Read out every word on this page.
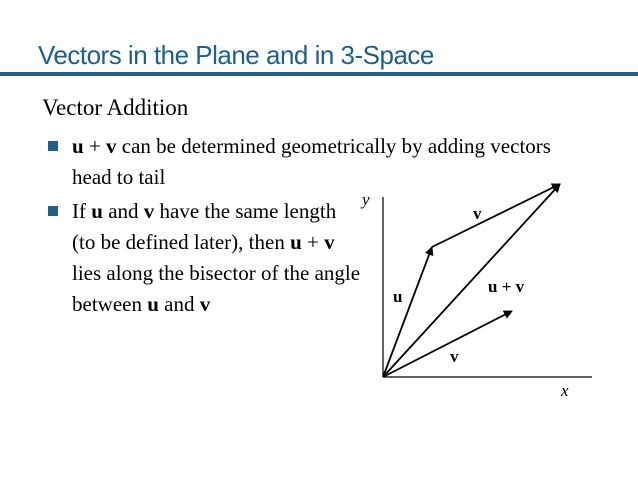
Vectors in the Plane and in 3-Space
Vector Addition
u + v can be determined geometrically by adding vectors head to tail
If u and v have the same length (to be defined later), then u + v lies along the bisector of the angle between u and v
y
x
u
v
v
u + v
